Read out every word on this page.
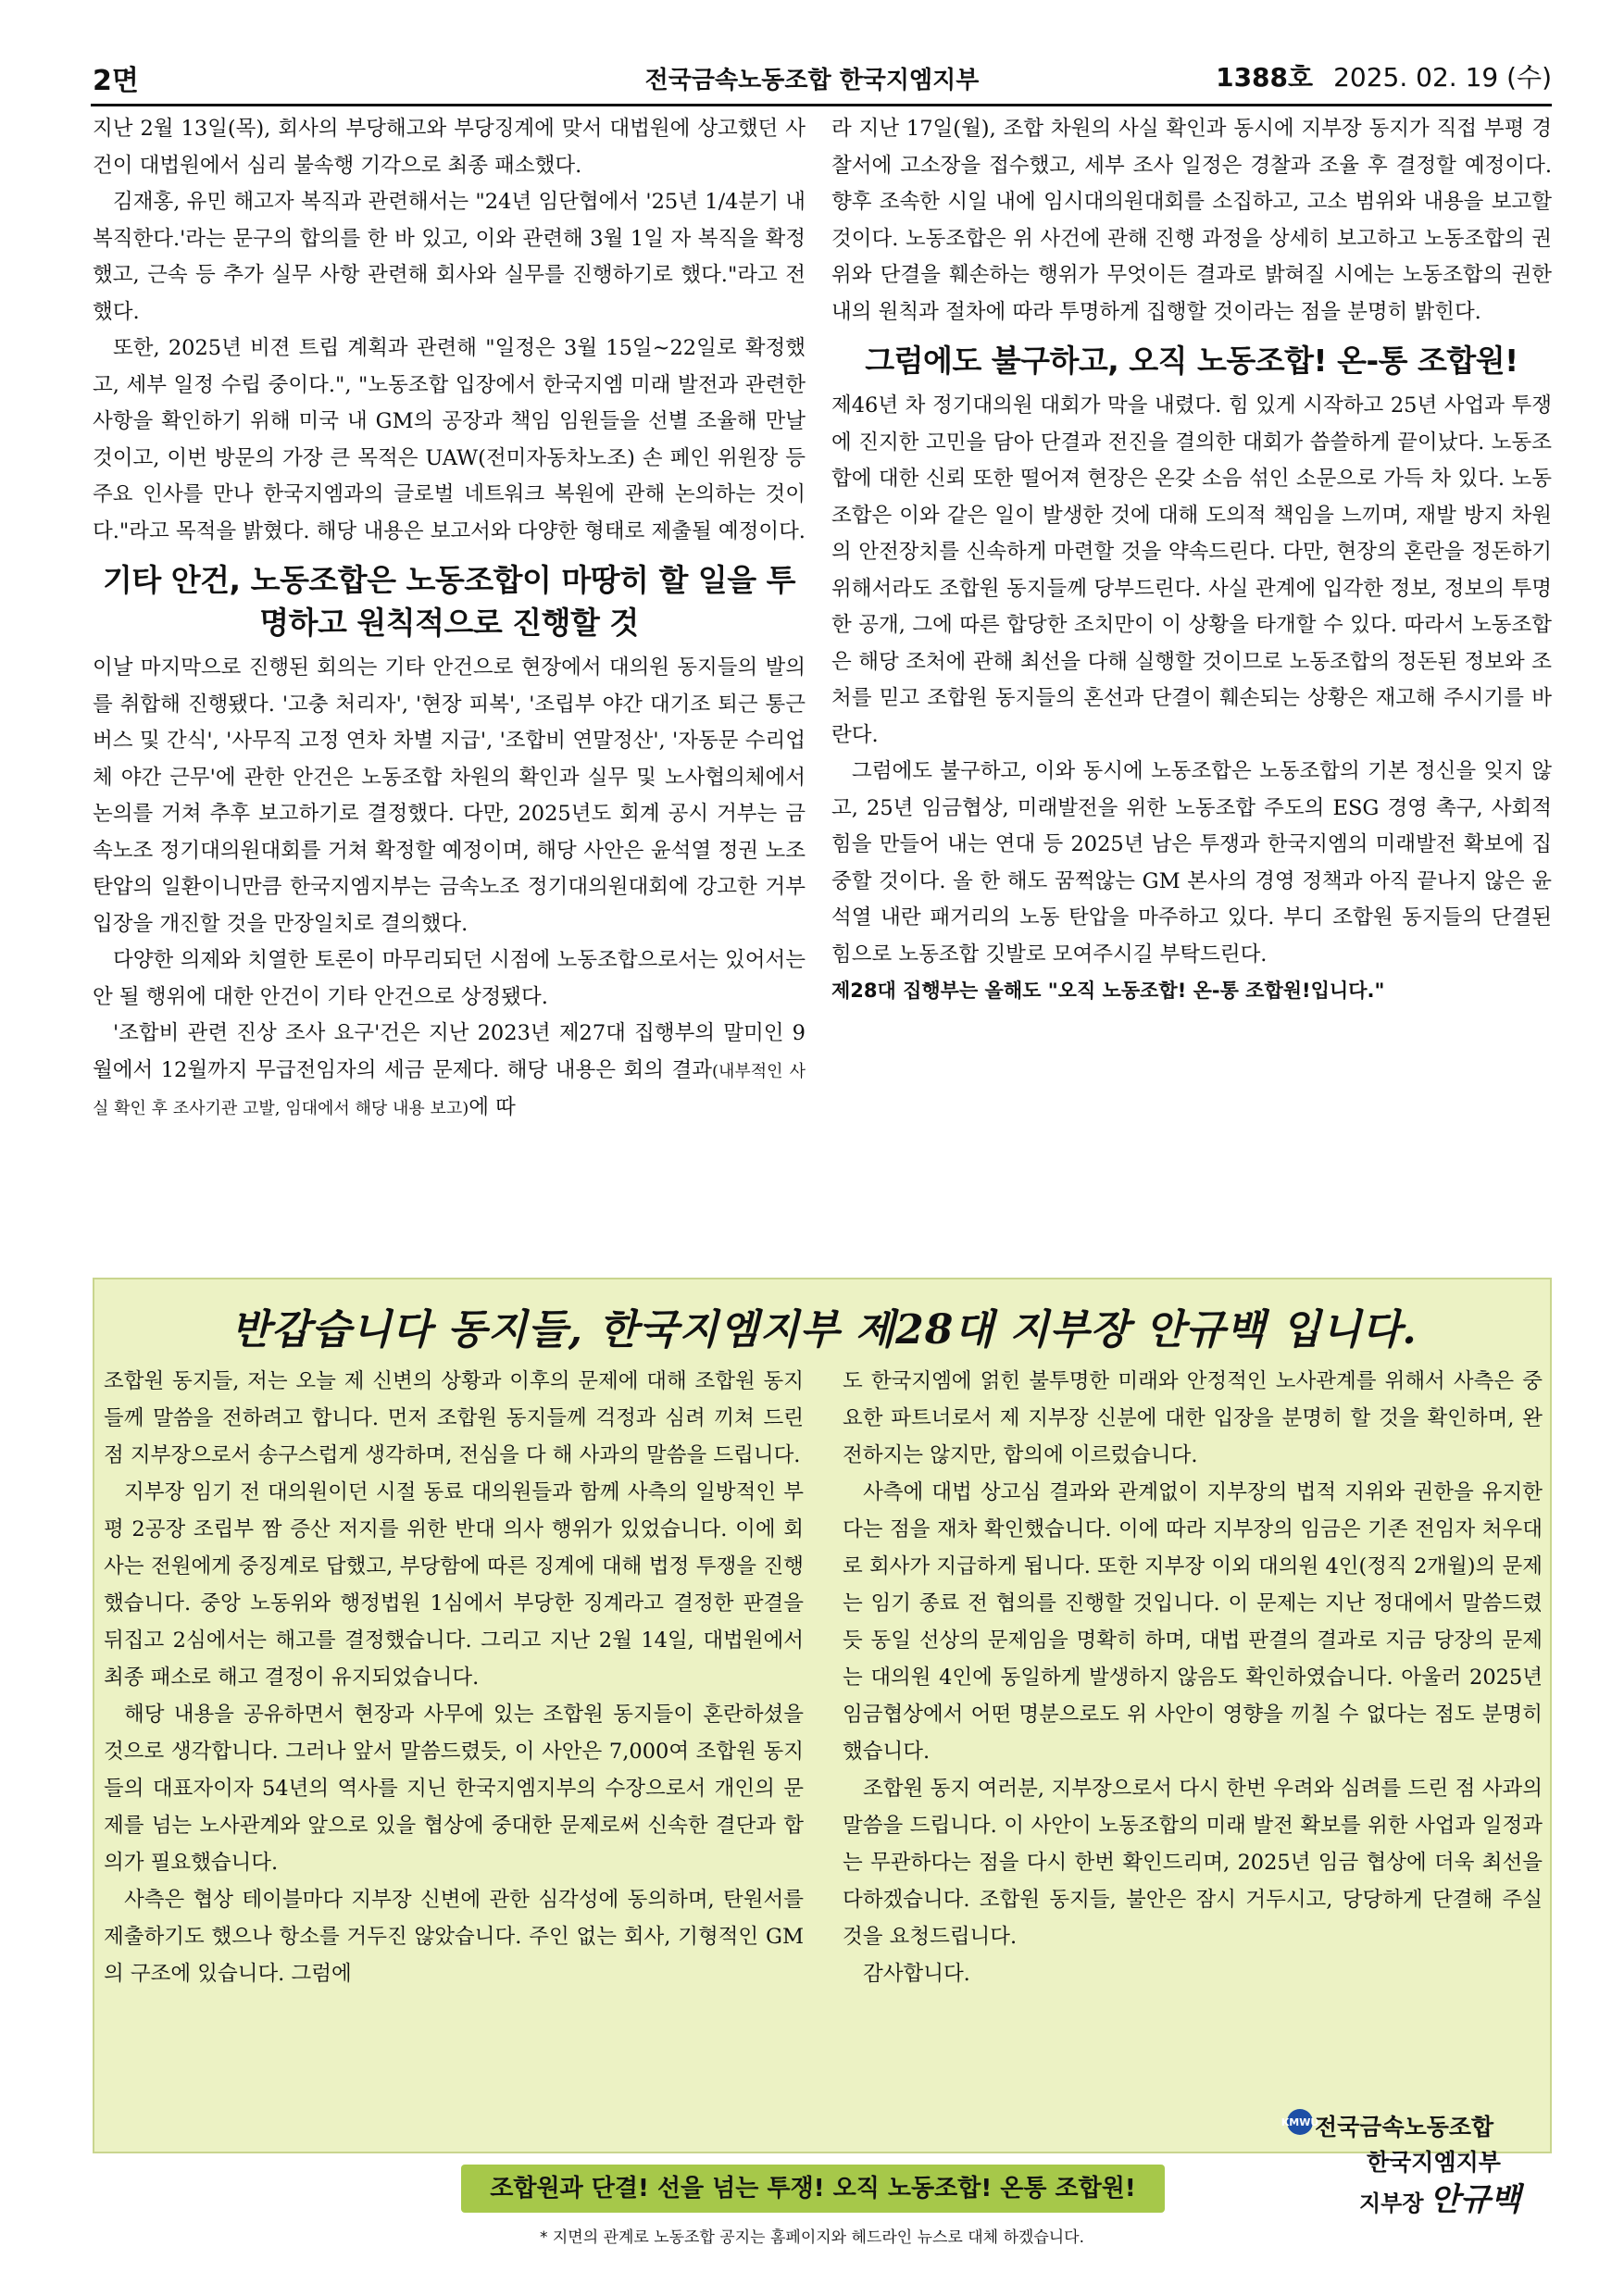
2면	전국금속노동조합 한국지엠지부	1388호 2025. 02. 19 (수)

지난 2월 13일(목), 회사의 부당해고와 부당징계에 맞서 대법원에 상고했던 사건이 대법원에서 심리 불속행 기각으로 최종 패소했다.

김재홍, 유민 해고자 복직과 관련해서는 "24년 임단협에서 '25년 1/4분기 내 복직한다.'라는 문구의 합의를 한 바 있고, 이와 관련해 3월 1일 자 복직을 확정했고, 근속 등 추가 실무 사항 관련해 회사와 실무를 진행하기로 했다."라고 전했다.

또한, 2025년 비젼 트립 계획과 관련해 "일정은 3월 15일~22일로 확정했고, 세부 일정 수립 중이다.", "노동조합 입장에서 한국지엠 미래 발전과 관련한 사항을 확인하기 위해 미국 내 GM의 공장과 책임 임원들을 선별 조율해 만날 것이고, 이번 방문의 가장 큰 목적은 UAW(전미자동차노조) 손 페인 위원장 등 주요 인사를 만나 한국지엠과의 글로벌 네트워크 복원에 관해 논의하는 것이다."라고 목적을 밝혔다. 해당 내용은 보고서와 다양한 형태로 제출될 예정이다.

기타 안건, 노동조합은 노동조합이 마땅히 할 일을 투명하고 원칙적으로 진행할 것

이날 마지막으로 진행된 회의는 기타 안건으로 현장에서 대의원 동지들의 발의를 취합해 진행됐다. '고충 처리자', '현장 피복', '조립부 야간 대기조 퇴근 통근버스 및 간식', '사무직 고정 연차 차별 지급', '조합비 연말정산', '자동문 수리업체 야간 근무'에 관한 안건은 노동조합 차원의 확인과 실무 및 노사협의체에서 논의를 거쳐 추후 보고하기로 결정했다. 다만, 2025년도 회계 공시 거부는 금속노조 정기대의원대회를 거쳐 확정할 예정이며, 해당 사안은 윤석열 정권 노조 탄압의 일환이니만큼 한국지엠지부는 금속노조 정기대의원대회에 강고한 거부 입장을 개진할 것을 만장일치로 결의했다.

다양한 의제와 치열한 토론이 마무리되던 시점에 노동조합으로서는 있어서는 안 될 행위에 대한 안건이 기타 안건으로 상정됐다.

'조합비 관련 진상 조사 요구'건은 지난 2023년 제27대 집행부의 말미인 9월에서 12월까지 무급전임자의 세금 문제다. 해당 내용은 회의 결과(내부적인 사실 확인 후 조사기관 고발, 임대에서 해당 내용 보고)에 따

라 지난 17일(월), 조합 차원의 사실 확인과 동시에 지부장 동지가 직접 부평 경찰서에 고소장을 접수했고, 세부 조사 일정은 경찰과 조율 후 결정할 예정이다. 향후 조속한 시일 내에 임시대의원대회를 소집하고, 고소 범위와 내용을 보고할 것이다. 노동조합은 위 사건에 관해 진행 과정을 상세히 보고하고 노동조합의 권위와 단결을 훼손하는 행위가 무엇이든 결과로 밝혀질 시에는 노동조합의 권한 내의 원칙과 절차에 따라 투명하게 집행할 것이라는 점을 분명히 밝힌다.

그럼에도 불구하고, 오직 노동조합! 온-통 조합원!

제46년 차 정기대의원 대회가 막을 내렸다. 힘 있게 시작하고 25년 사업과 투쟁에 진지한 고민을 담아 단결과 전진을 결의한 대회가 씁쓸하게 끝이났다. 노동조합에 대한 신뢰 또한 떨어져 현장은 온갖 소음 섞인 소문으로 가득 차 있다. 노동조합은 이와 같은 일이 발생한 것에 대해 도의적 책임을 느끼며, 재발 방지 차원의 안전장치를 신속하게 마련할 것을 약속드린다. 다만, 현장의 혼란을 정돈하기 위해서라도 조합원 동지들께 당부드린다. 사실 관계에 입각한 정보, 정보의 투명한 공개, 그에 따른 합당한 조치만이 이 상황을 타개할 수 있다. 따라서 노동조합은 해당 조처에 관해 최선을 다해 실행할 것이므로 노동조합의 정돈된 정보와 조처를 믿고 조합원 동지들의 혼선과 단결이 훼손되는 상황은 재고해 주시기를 바란다.

그럼에도 불구하고, 이와 동시에 노동조합은 노동조합의 기본 정신을 잊지 않고, 25년 임금협상, 미래발전을 위한 노동조합 주도의 ESG 경영 촉구, 사회적 힘을 만들어 내는 연대 등 2025년 남은 투쟁과 한국지엠의 미래발전 확보에 집중할 것이다. 올 한 해도 꿈쩍않는 GM 본사의 경영 정책과 아직 끝나지 않은 윤석열 내란 패거리의 노동 탄압을 마주하고 있다. 부디 조합원 동지들의 단결된 힘으로 노동조합 깃발로 모여주시길 부탁드린다.

제28대 집행부는 올해도 "오직 노동조합! 온-통 조합원!입니다."

반갑습니다 동지들, 한국지엠지부 제28대 지부장 안규백 입니다.

조합원 동지들, 저는 오늘 제 신변의 상황과 이후의 문제에 대해 조합원 동지들께 말씀을 전하려고 합니다. 먼저 조합원 동지들께 걱정과 심려 끼쳐 드린 점 지부장으로서 송구스럽게 생각하며, 전심을 다 해 사과의 말씀을 드립니다.

지부장 임기 전 대의원이던 시절 동료 대의원들과 함께 사측의 일방적인 부평 2공장 조립부 짬 증산 저지를 위한 반대 의사 행위가 있었습니다. 이에 회사는 전원에게 중징계로 답했고, 부당함에 따른 징계에 대해 법정 투쟁을 진행했습니다. 중앙 노동위와 행정법원 1심에서 부당한 징계라고 결정한 판결을 뒤집고 2심에서는 해고를 결정했습니다. 그리고 지난 2월 14일, 대법원에서 최종 패소로 해고 결정이 유지되었습니다.

해당 내용을 공유하면서 현장과 사무에 있는 조합원 동지들이 혼란하셨을 것으로 생각합니다. 그러나 앞서 말씀드렸듯, 이 사안은 7,000여 조합원 동지들의 대표자이자 54년의 역사를 지닌 한국지엠지부의 수장으로서 개인의 문제를 넘는 노사관계와 앞으로 있을 협상에 중대한 문제로써 신속한 결단과 합의가 필요했습니다.

사측은 협상 테이블마다 지부장 신변에 관한 심각성에 동의하며, 탄원서를 제출하기도 했으나 항소를 거두진 않았습니다. 주인 없는 회사, 기형적인 GM의 구조에 있습니다. 그럼에

도 한국지엠에 얽힌 불투명한 미래와 안정적인 노사관계를 위해서 사측은 중요한 파트너로서 제 지부장 신분에 대한 입장을 분명히 할 것을 확인하며, 완전하지는 않지만, 합의에 이르렀습니다.

사측에 대법 상고심 결과와 관계없이 지부장의 법적 지위와 권한을 유지한다는 점을 재차 확인했습니다. 이에 따라 지부장의 임금은 기존 전임자 처우대로 회사가 지급하게 됩니다. 또한 지부장 이외 대의원 4인(정직 2개월)의 문제는 임기 종료 전 협의를 진행할 것입니다. 이 문제는 지난 정대에서 말씀드렸듯 동일 선상의 문제임을 명확히 하며, 대법 판결의 결과로 지금 당장의 문제는 대의원 4인에 동일하게 발생하지 않음도 확인하였습니다. 아울러 2025년 임금협상에서 어떤 명분으로도 위 사안이 영향을 끼칠 수 없다는 점도 분명히 했습니다.

조합원 동지 여러분, 지부장으로서 다시 한번 우려와 심려를 드린 점 사과의 말씀을 드립니다. 이 사안이 노동조합의 미래 발전 확보를 위한 사업과 일정과는 무관하다는 점을 다시 한번 확인드리며, 2025년 임금 협상에 더욱 최선을 다하겠습니다. 조합원 동지들, 불안은 잠시 거두시고, 당당하게 단결해 주실 것을 요청드립니다.

감사합니다.

KMWU
전국금속노동조합
한국지엠지부
지부장 안규백
조합원과 단결! 선을 넘는 투쟁! 오직 노동조합! 온통 조합원!
* 지면의 관계로 노동조합 공지는 홈페이지와 헤드라인 뉴스로 대체 하겠습니다.
